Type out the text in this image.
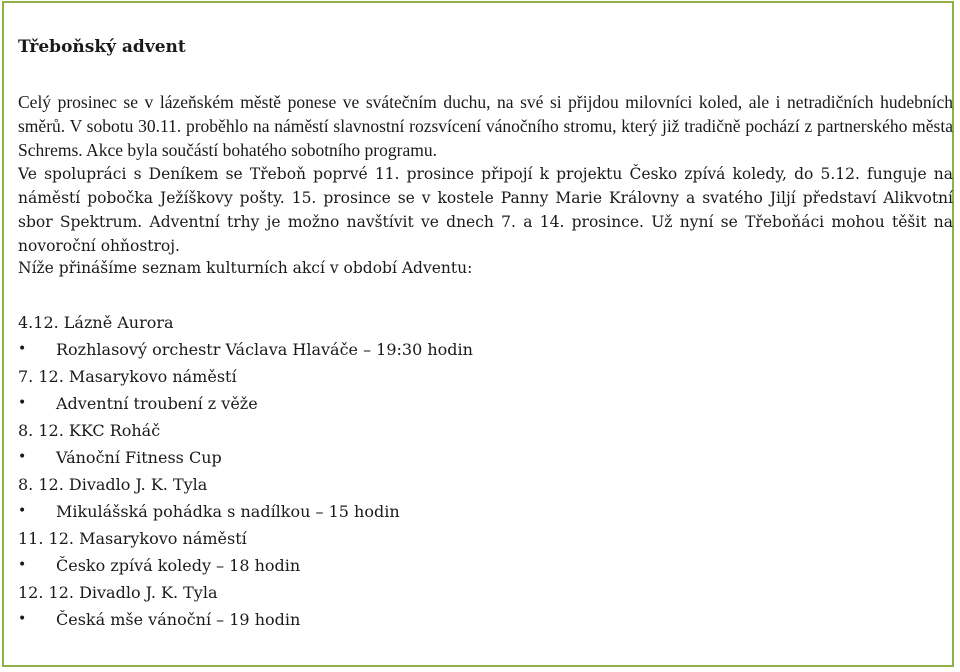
Třeboňský advent

Celý prosinec se v lázeňském městě ponese ve svátečním duchu, na své si přijdou milovníci koled, ale i netradičních hudebních směrů. V sobotu 30.11. proběhlo na náměstí slavnostní rozsvícení vánočního stromu, který již tradičně pochází z partnerského města Schrems. Akce byla součástí bohatého sobotního programu.

Ve spolupráci s Deníkem se Třeboň poprvé 11. prosince připojí k projektu Česko zpívá koledy, do 5.12. funguje na náměstí pobočka Ježíškovy pošty. 15. prosince se v kostele Panny Marie Královny a svatého Jiljí představí Alikvotní sbor Spektrum. Adventní trhy je možno navštívit ve dnech 7. a 14. prosince. Už nyní se Třeboňáci mohou těšit na novoroční ohňostroj.

Níže přinášíme seznam kulturních akcí v období Adventu:

4.12. Lázně Aurora
• Rozhlasový orchestr Václava Hlaváče – 19:30 hodin
7. 12. Masarykovo náměstí
• Adventní troubení z věže
8. 12. KKC Roháč
• Vánoční Fitness Cup
8. 12. Divadlo J. K. Tyla
• Mikulášská pohádka s nadílkou – 15 hodin
11. 12. Masarykovo náměstí
• Česko zpívá koledy – 18 hodin
12. 12. Divadlo J. K. Tyla
• Česká mše vánoční – 19 hodin
